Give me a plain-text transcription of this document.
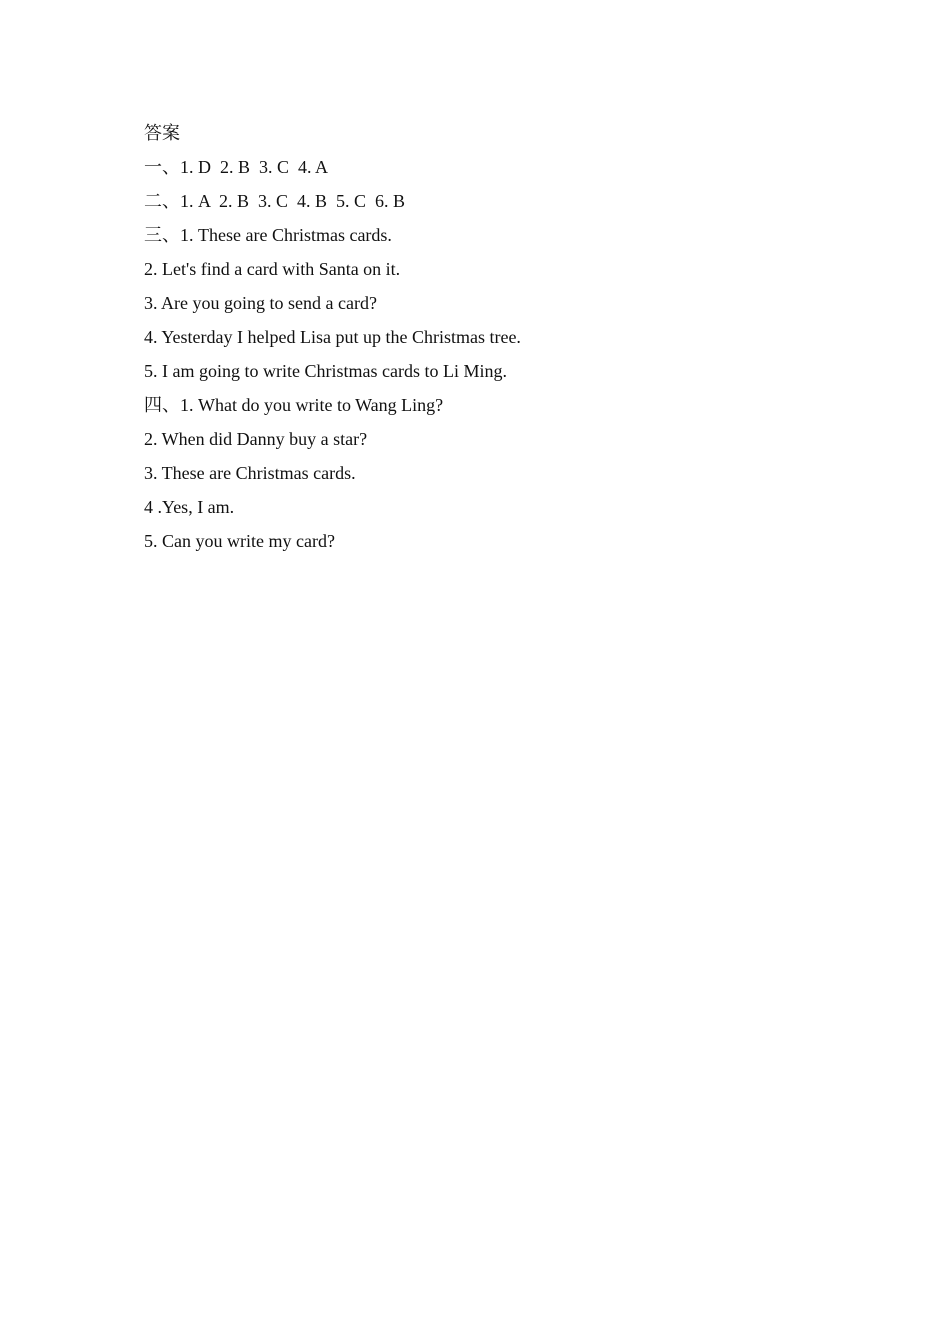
答案
一、1. D  2. B  3. C  4. A
二、1. A  2. B  3. C  4. B  5. C  6. B
三、1. These are Christmas cards.
2. Let's find a card with Santa on it.
3. Are you going to send a card?
4. Yesterday I helped Lisa put up the Christmas tree.
5. I am going to write Christmas cards to Li Ming.
四、1. What do you write to Wang Ling?
2. When did Danny buy a star?
3. These are Christmas cards.
4 .Yes, I am.
5. Can you write my card?
